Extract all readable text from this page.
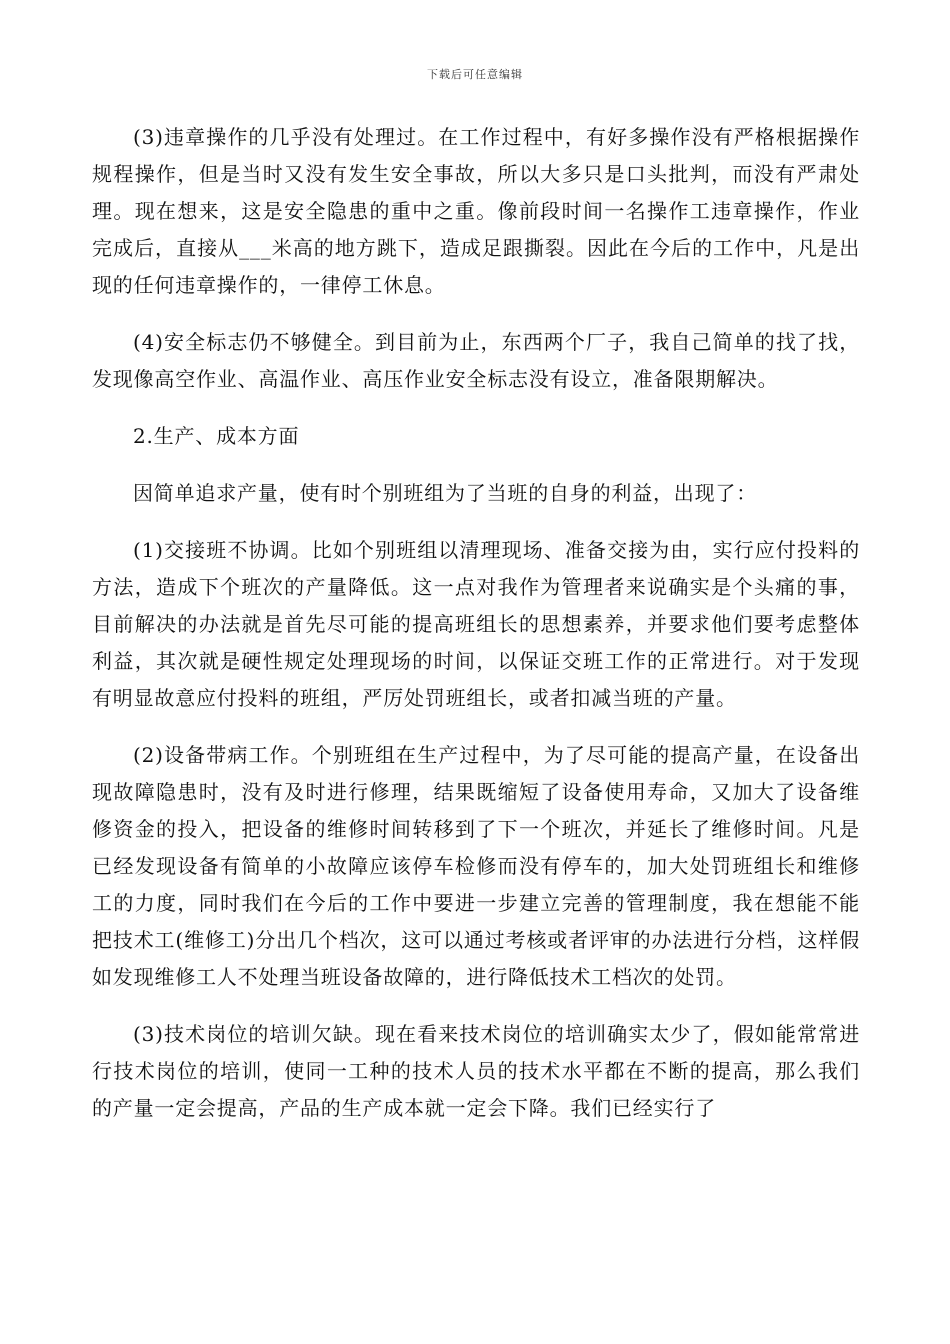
下载后可任意编辑

(3)违章操作的几乎没有处理过。在工作过程中，有好多操作没有严格根据操作规程操作，但是当时又没有发生安全事故，所以大多只是口头批判，而没有严肃处理。现在想来，这是安全隐患的重中之重。像前段时间一名操作工违章操作，作业完成后，直接从___米高的地方跳下，造成足跟撕裂。因此在今后的工作中，凡是出现的任何违章操作的，一律停工休息。

(4)安全标志仍不够健全。到目前为止，东西两个厂子，我自己简单的找了找，发现像高空作业、高温作业、高压作业安全标志没有设立，准备限期解决。

2.生产、成本方面

因简单追求产量，使有时个别班组为了当班的自身的利益，出现了：

(1)交接班不协调。比如个别班组以清理现场、准备交接为由，实行应付投料的方法，造成下个班次的产量降低。这一点对我作为管理者来说确实是个头痛的事，目前解决的办法就是首先尽可能的提高班组长的思想素养，并要求他们要考虑整体利益，其次就是硬性规定处理现场的时间，以保证交班工作的正常进行。对于发现有明显故意应付投料的班组，严厉处罚班组长，或者扣减当班的产量。

(2)设备带病工作。个别班组在生产过程中，为了尽可能的提高产量，在设备出现故障隐患时，没有及时进行修理，结果既缩短了设备使用寿命，又加大了设备维修资金的投入，把设备的维修时间转移到了下一个班次，并延长了维修时间。凡是已经发现设备有简单的小故障应该停车检修而没有停车的，加大处罚班组长和维修工的力度，同时我们在今后的工作中要进一步建立完善的管理制度，我在想能不能把技术工(维修工)分出几个档次，这可以通过考核或者评审的办法进行分档，这样假如发现维修工人不处理当班设备故障的，进行降低技术工档次的处罚。

(3)技术岗位的培训欠缺。现在看来技术岗位的培训确实太少了，假如能常常进行技术岗位的培训，使同一工种的技术人员的技术水平都在不断的提高，那么我们的产量一定会提高，产品的生产成本就一定会下降。我们已经实行了
